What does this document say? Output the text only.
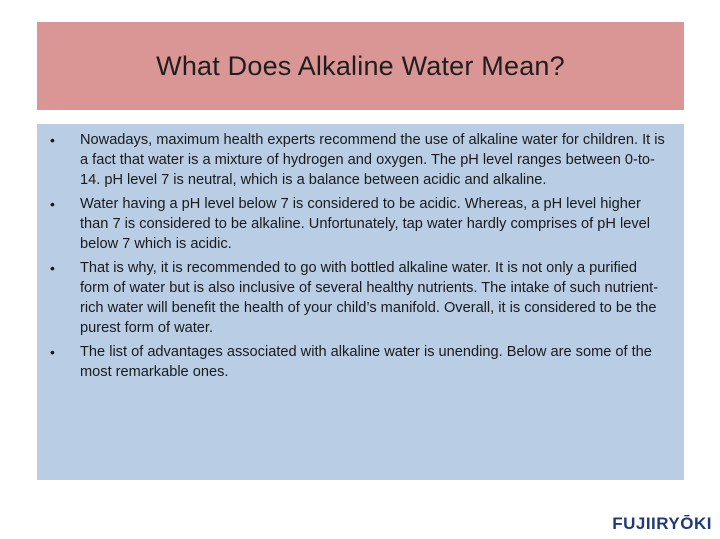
What Does Alkaline Water Mean?
• Nowadays, maximum health experts recommend the use of alkaline water for children. It is a fact that water is a mixture of hydrogen and oxygen. The pH level ranges between 0-to-14. pH level 7 is neutral, which is a balance between acidic and alkaline.
• Water having a pH level below 7 is considered to be acidic. Whereas, a pH level higher than 7 is considered to be alkaline. Unfortunately, tap water hardly comprises of pH level below 7 which is acidic.
• That is why, it is recommended to go with bottled alkaline water. It is not only a purified form of water but is also inclusive of several healthy nutrients. The intake of such nutrient-rich water will benefit the health of your child’s manifold. Overall, it is considered to be the purest form of water.
• The list of advantages associated with alkaline water is unending. Below are some of the most remarkable ones.
FUJIIRYŌKI
